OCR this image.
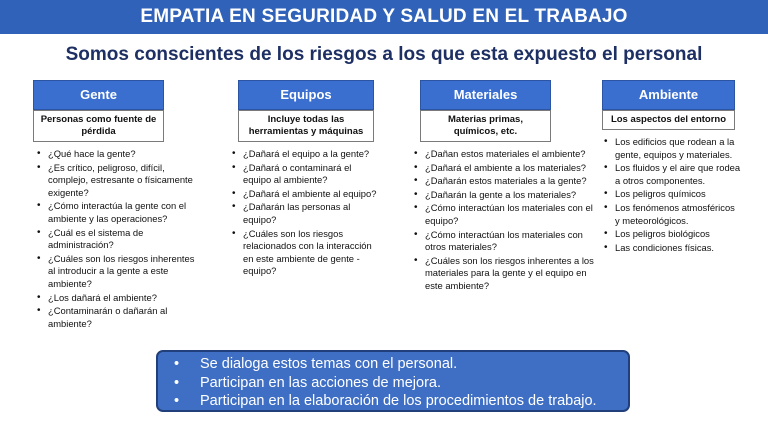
EMPATIA EN SEGURIDAD Y SALUD EN EL TRABAJO
Somos conscientes de los riesgos a los que esta expuesto el personal
Gente
Personas como fuente de pérdida
• ¿Qué hace la gente?
• ¿Es crítico, peligroso, difícil, complejo, estresante o físicamente exigente?
• ¿Cómo interactúa la gente con el ambiente y las operaciones?
• ¿Cuál es el sistema de administración?
• ¿Cuáles son los riesgos inherentes al introducir a la gente a este ambiente?
• ¿Los dañará el ambiente?
• ¿Contaminarán o dañarán al ambiente?
Equipos
Incluye todas las herramientas y máquinas
• ¿Dañará el equipo a la gente?
• ¿Dañará o contaminará el equipo al ambiente?
• ¿Dañará el ambiente al equipo?
• ¿Dañarán las personas al equipo?
• ¿Cuáles son los riesgos relacionados con la interacción en este ambiente de gente - equipo?
Materiales
Materias primas, químicos, etc.
• ¿Dañan estos materiales el ambiente?
• ¿Dañará el ambiente a los materiales?
• ¿Dañarán estos materiales a la gente?
• ¿Dañarán la gente a los materiales?
• ¿Cómo interactúan los materiales con el equipo?
• ¿Cómo interactúan los materiales con otros materiales?
• ¿Cuáles son los riesgos inherentes a los materiales para la gente y el equipo en este ambiente?
Ambiente
Los aspectos del entorno
• Los edificios que rodean a la gente, equipos y materiales.
• Los fluidos y el aire que rodea a otros componentes.
• Los peligros químicos
• Los fenómenos atmosféricos y meteorológicos.
• Los peligros biológicos
• Las condiciones físicas.
• Se dialoga estos temas con el personal.
• Participan en las acciones de mejora.
• Participan en la elaboración de los procedimientos de trabajo.
